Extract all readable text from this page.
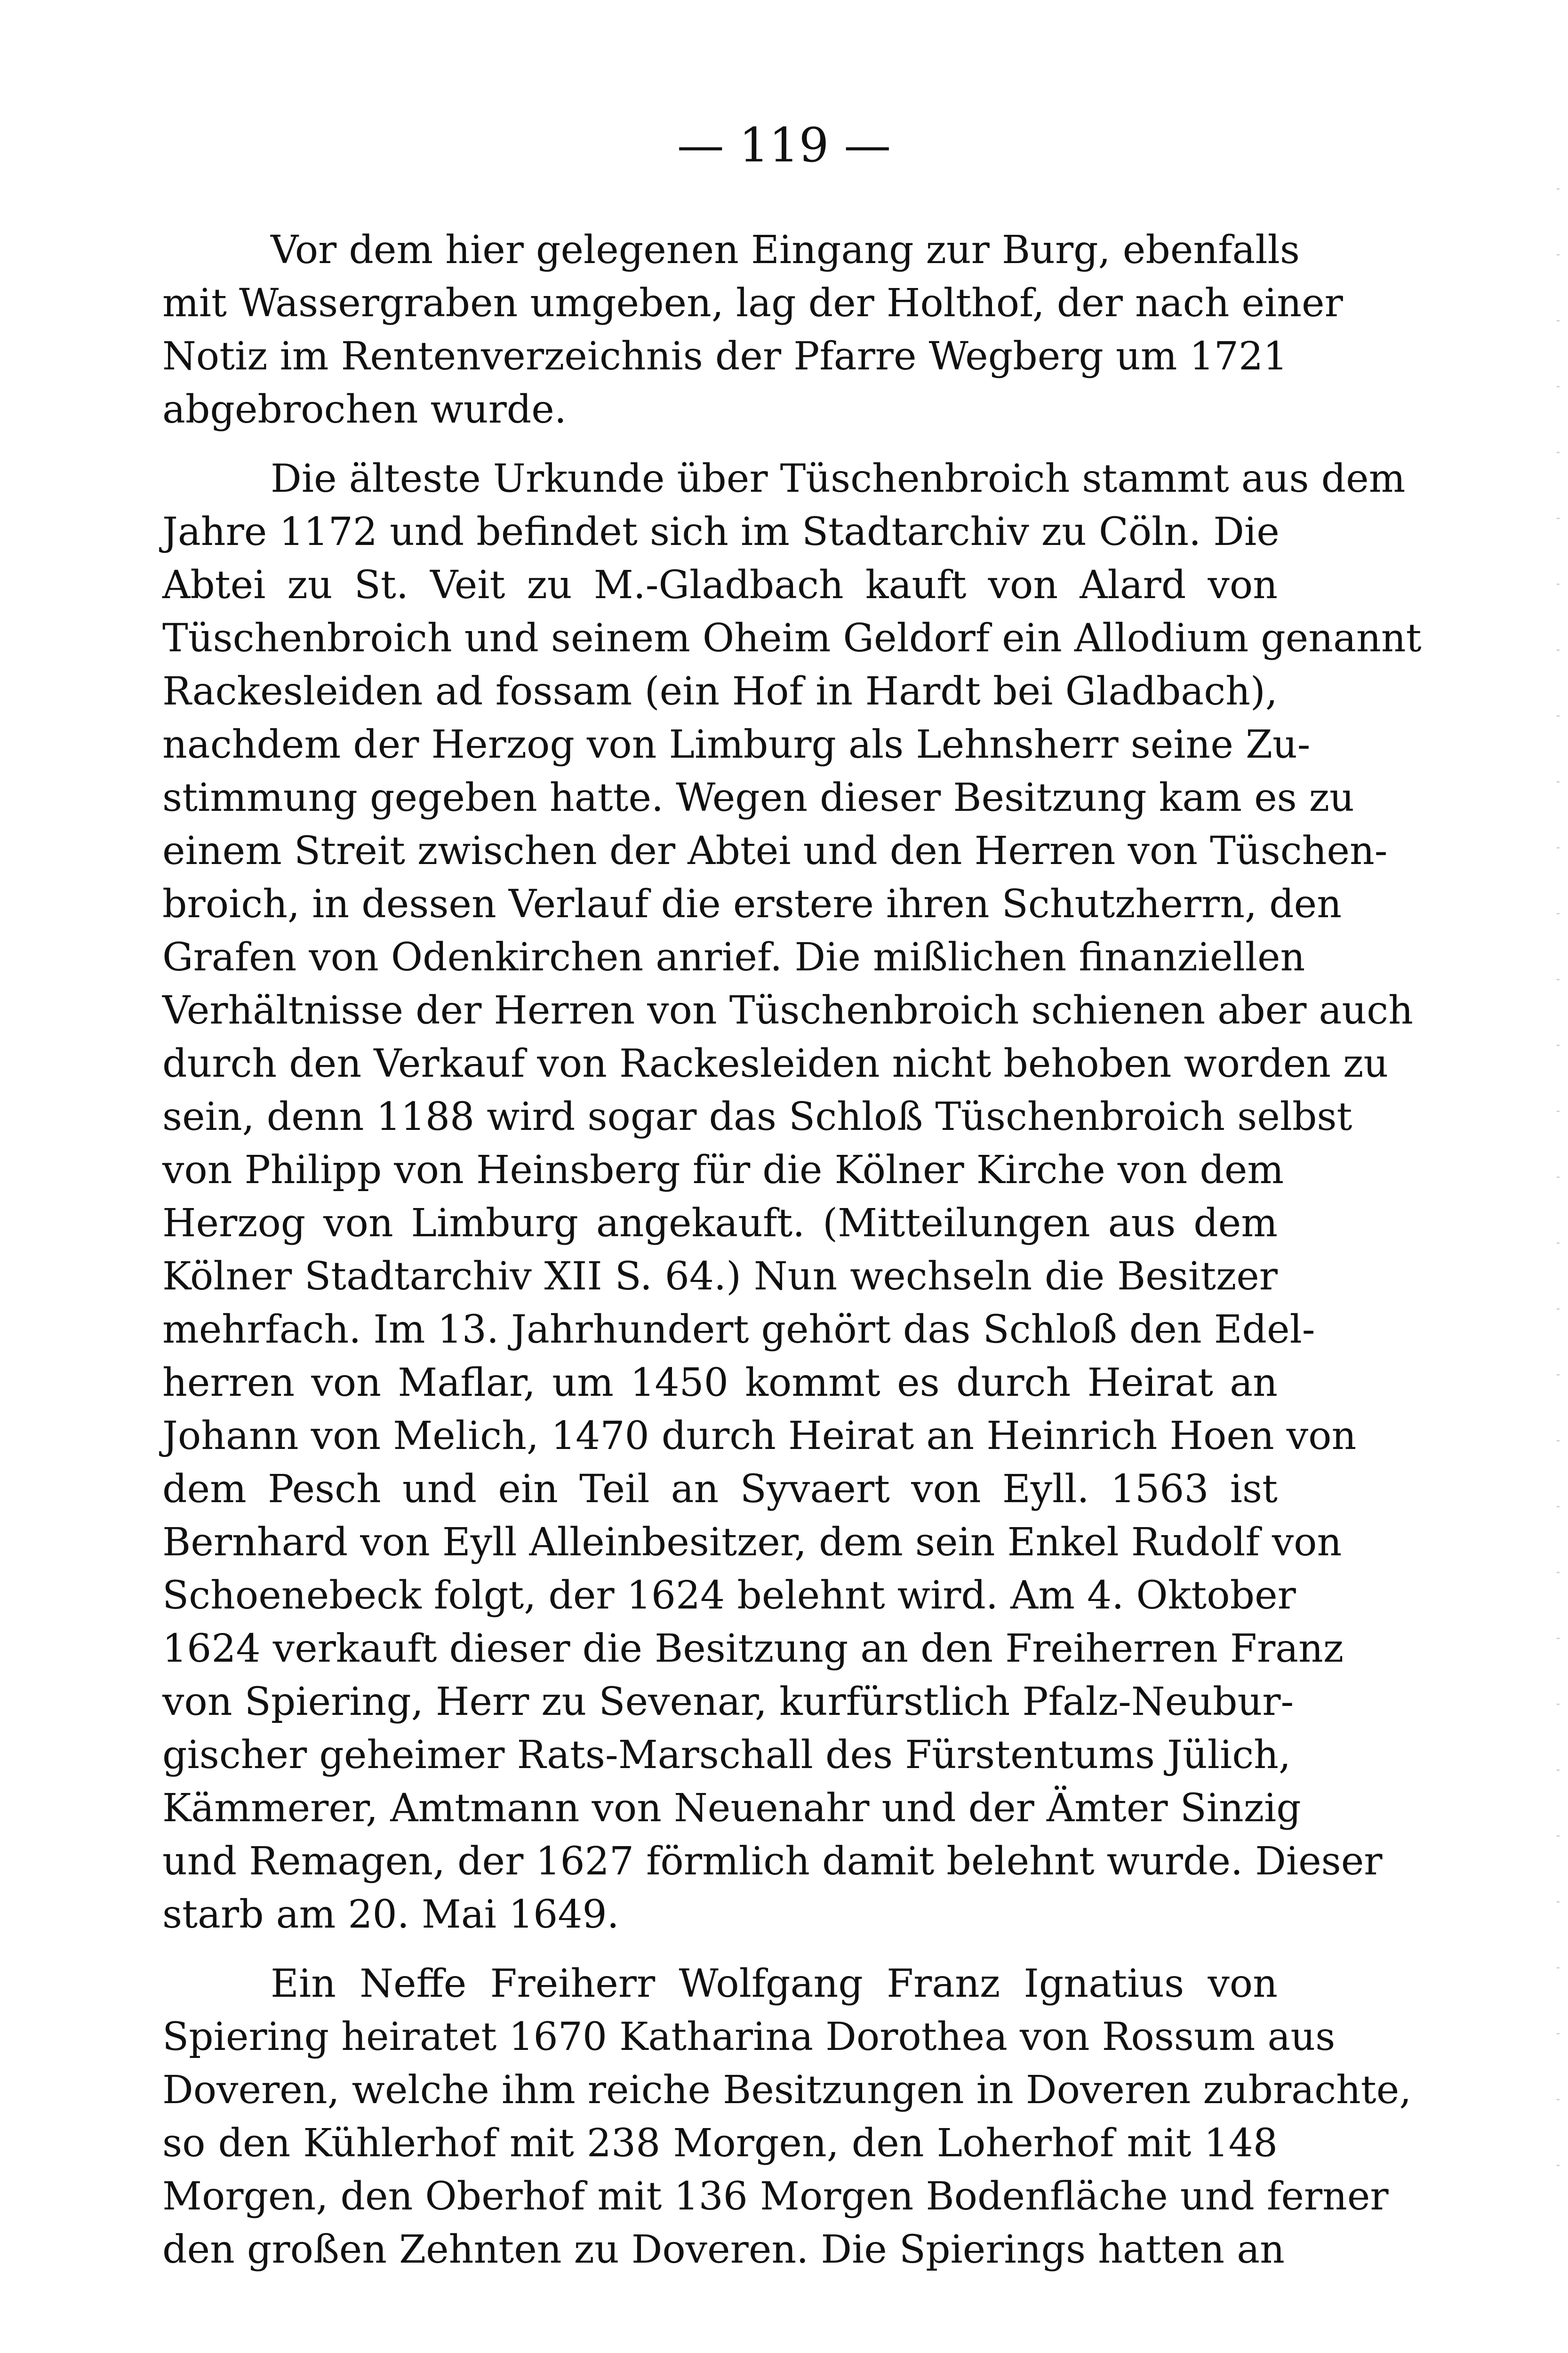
— 119 —
Vor dem hier gelegenen Eingang zur Burg, ebenfalls
mit Wassergraben umgeben, lag der Holthof, der nach einer
Notiz im Rentenverzeichnis der Pfarre Wegberg um 1721
abgebrochen wurde.
Die älteste Urkunde über Tüschenbroich stammt aus dem
Jahre 1172 und befindet sich im Stadtarchiv zu Cöln. Die
Abtei zu St. Veit zu M.-Gladbach kauft von Alard von
Tüschenbroich und seinem Oheim Geldorf ein Allodium genannt
Rackesleiden ad fossam (ein Hof in Hardt bei Gladbach),
nachdem der Herzog von Limburg als Lehnsherr seine Zu-
stimmung gegeben hatte. Wegen dieser Besitzung kam es zu
einem Streit zwischen der Abtei und den Herren von Tüschen-
broich, in dessen Verlauf die erstere ihren Schutzherrn, den
Grafen von Odenkirchen anrief. Die mißlichen finanziellen
Verhältnisse der Herren von Tüschenbroich schienen aber auch
durch den Verkauf von Rackesleiden nicht behoben worden zu
sein, denn 1188 wird sogar das Schloß Tüschenbroich selbst
von Philipp von Heinsberg für die Kölner Kirche von dem
Herzog von Limburg angekauft. (Mitteilungen aus dem
Kölner Stadtarchiv XII S. 64.) Nun wechseln die Besitzer
mehrfach. Im 13. Jahrhundert gehört das Schloß den Edel-
herren von Maflar, um 1450 kommt es durch Heirat an
Johann von Melich, 1470 durch Heirat an Heinrich Hoen von
dem Pesch und ein Teil an Syvaert von Eyll. 1563 ist
Bernhard von Eyll Alleinbesitzer, dem sein Enkel Rudolf von
Schoenebeck folgt, der 1624 belehnt wird. Am 4. Oktober
1624 verkauft dieser die Besitzung an den Freiherren Franz
von Spiering, Herr zu Sevenar, kurfürstlich Pfalz-Neubur-
gischer geheimer Rats-Marschall des Fürstentums Jülich,
Kämmerer, Amtmann von Neuenahr und der Ämter Sinzig
und Remagen, der 1627 förmlich damit belehnt wurde. Dieser
starb am 20. Mai 1649.
Ein Neffe Freiherr Wolfgang Franz Ignatius von
Spiering heiratet 1670 Katharina Dorothea von Rossum aus
Doveren, welche ihm reiche Besitzungen in Doveren zubrachte,
so den Kühlerhof mit 238 Morgen, den Loherhof mit 148
Morgen, den Oberhof mit 136 Morgen Bodenfläche und ferner
den großen Zehnten zu Doveren. Die Spierings hatten an
